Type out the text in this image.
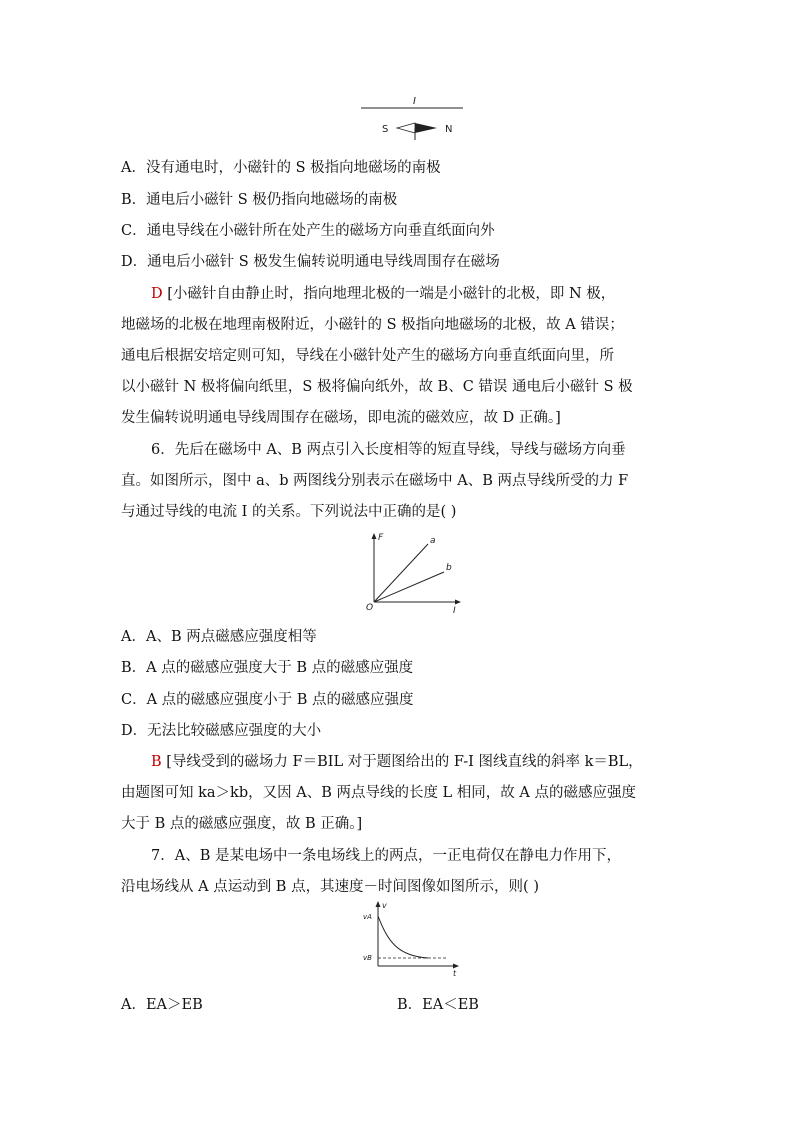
I
S	N
A．没有通电时，小磁针的 S 极指向地磁场的南极
B．通电后小磁针 S 极仍指向地磁场的南极
C．通电导线在小磁针所在处产生的磁场方向垂直纸面向外
D．通电后小磁针 S 极发生偏转说明通电导线周围存在磁场
D [小磁针自由静止时，指向地理北极的一端是小磁针的北极，即 N 极，
地磁场的北极在地理南极附近，小磁针的 S 极指向地磁场的北极，故 A 错误；
通电后根据安培定则可知，导线在小磁针处产生的磁场方向垂直纸面向里，所
以小磁针 N 极将偏向纸里，S 极将偏向纸外，故 B、C 错误 通电后小磁针 S 极
发生偏转说明通电导线周围存在磁场，即电流的磁效应，故 D 正确。]
6．先后在磁场中 A、B 两点引入长度相等的短直导线，导线与磁场方向垂
直。如图所示，图中 a、b 两图线分别表示在磁场中 A、B 两点导线所受的力 F
与通过导线的电流 I 的关系。下列说法中正确的是( )
F
I
O
a
b
A．A、B 两点磁感应强度相等
B．A 点的磁感应强度大于 B 点的磁感应强度
C．A 点的磁感应强度小于 B 点的磁感应强度
D．无法比较磁感应强度的大小
B [导线受到的磁场力 F＝BIL 对于题图给出的 F-I 图线直线的斜率 k＝BL，
由题图可知 ka＞kb，又因 A、B 两点导线的长度 L 相同，故 A 点的磁感应强度
大于 B 点的磁感应强度，故 B 正确。]
7．A、B 是某电场中一条电场线上的两点，一正电荷仅在静电力作用下，
沿电场线从 A 点运动到 B 点，其速度－时间图像如图所示，则( )
v
t
vA
vB
A．EA＞EB	B．EA＜EB
